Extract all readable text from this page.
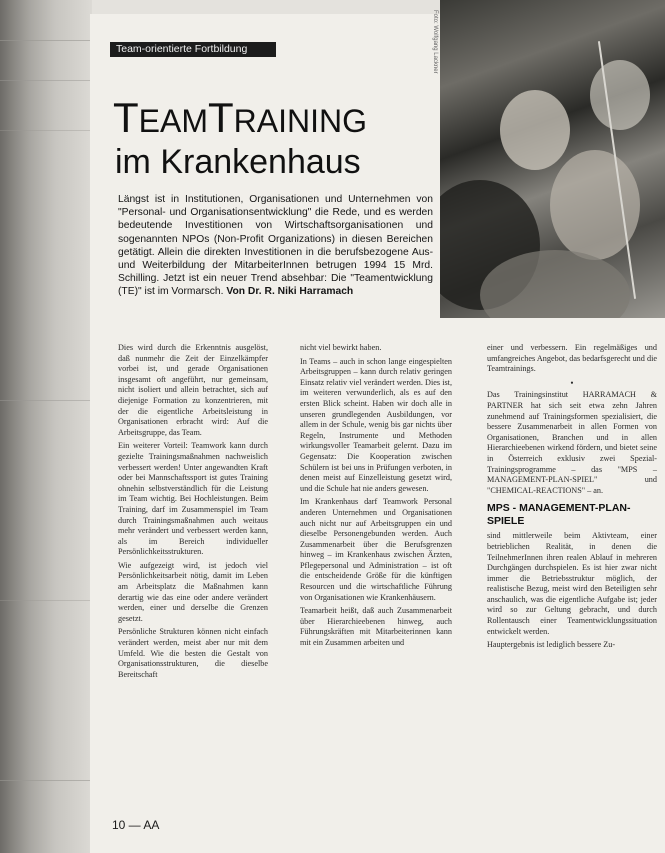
Foto: Wolfgang Lackner
Team-orientierte Fortbildung
TEAMTRAINING
im Krankenhaus
Längst ist in Institutionen, Organisationen und Unternehmen von "Personal- und Organisationsentwicklung" die Rede, und es werden bedeutende Investitionen von Wirtschaftsorganisationen und sogenannten NPOs (Non-Profit Organizations) in diesen Bereichen getätigt. Allein die direkten Investitionen in die berufsbezogene Aus- und Weiterbildung der MitarbeiterInnen betrugen 1994 15 Mrd. Schilling. Jetzt ist ein neuer Trend absehbar: Die "Teamentwicklung (TE)" ist im Vormarsch. Von Dr. R. Niki Harramach

Dies wird durch die Erkenntnis ausgelöst, daß nunmehr die Zeit der Einzelkämpfer vorbei ist, und gerade Organisationen insgesamt oft angeführt, nur gemeinsam, nicht isoliert und allein betrachtet, sich auf diejenige Formation zu konzentrieren, mit der die eigentliche Arbeitsleistung in Organisationen erbracht wird: Auf die Arbeitsgruppe, das Team.

Ein weiterer Vorteil: Teamwork kann durch gezielte Trainingsmaßnahmen nachweislich verbessert werden! Unter angewandten Kraft oder bei Mannschaftssport ist gutes Training ohnehin selbstverständlich für die Leistung im Team wichtig. Bei Hochleistungen. Beim Training, darf im Zusammenspiel im Team durch Trainingsmaßnahmen auch weitaus mehr verändert und verbessert werden kann, als im Bereich individueller Persönlichkeitsstrukturen.

Wie aufgezeigt wird, ist jedoch viel Persönlichkeitsarbeit nötig, damit im Leben am Arbeitsplatz die Maßnahmen kann derartig wie das eine oder andere verändert werden, einer und derselbe die Grenzen gesetzt.

Persönliche Strukturen können nicht einfach verändert werden, meist aber nur mit dem Umfeld. Wie die besten die Gestalt von Organisationsstrukturen, die dieselbe Bereitschaft

nicht viel bewirkt haben.

In Teams – auch in schon lange eingespielten Arbeitsgruppen – kann durch relativ geringen Einsatz relativ viel verändert werden. Dies ist, im weiteren verwunderlich, als es auf den ersten Blick scheint. Haben wir doch alle in unseren grundlegenden Ausbildungen, vor allem in der Schule, wenig bis gar nichts über Regeln, Instrumente und Methoden wirkungsvoller Teamarbeit gelernt. Dazu im Gegensatz: Die Kooperation zwischen Schülern ist bei uns in Prüfungen verboten, in denen meist auf Einzelleistung gesetzt wird, und die Schule hat nie anders gewesen.

Im Krankenhaus darf Teamwork Personal anderen Unternehmen und Organisationen auch nicht nur auf Arbeitsgruppen ein und dieselbe Personengebunden werden. Auch Zusammenarbeit über die Berufsgrenzen hinweg – im Krankenhaus zwischen Ärzten, Pflegepersonal und Administration – ist oft die entscheidende Größe für die künftigen Resourcen und die wirtschaftliche Führung von Organisationen wie Krankenhäusern.

Teamarbeit heißt, daß auch Zusammenarbeit über Hierarchieebenen hinweg, auch Führungskräften mit Mitarbeiterinnen kann mit ein Zusammen arbeiten und

einer und verbessern. Ein regelmäßiges und umfangreiches Angebot, das bedarfsgerecht und die Teamtrainings.

•

Das Trainingsinstitut HARRAMACH & PARTNER hat sich seit etwa zehn Jahren zunehmend auf Trainingsformen spezialisiert, die bessere Zusammenarbeit in allen Formen von Organisationen, Branchen und in allen Hierarchieebenen wirkend fördern, und bietet seine in Österreich exklusiv zwei Spezial-Trainingsprogramme – das "MPS – MANAGEMENT-PLAN-SPIEL" und "CHEMICAL-REACTIONS" – an.

MPS - MANAGEMENT-PLAN-SPIELE

sind mittlerweile beim Aktivteam, einer betrieblichen Realität, in denen die TeilnehmerInnen ihren realen Ablauf in mehreren Durchgängen durchspielen. Es ist hier zwar nicht immer die Betriebsstruktur möglich, der realistische Bezug, meist wird den Beteiligten sehr anschaulich, was die eigentliche Aufgabe ist; jeder wird so zur Geltung gebracht, und durch Rollentausch einer Teamentwicklungssituation entwickelt werden.

Hauptergebnis ist lediglich bessere Zu-

10 — AA
